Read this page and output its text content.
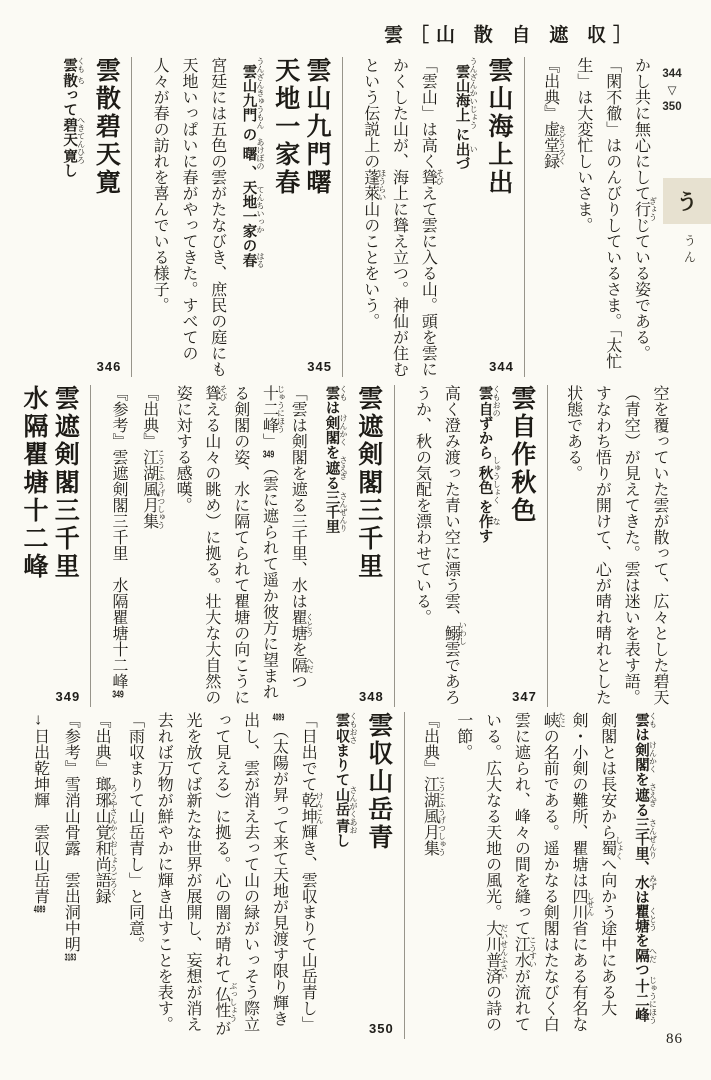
雲［山 散 自 遮 収］
344
▽
350
う
うん

かし共に無心にして行 ぎょうじている姿である。「閑不徹」はのんびりしているさま。「太忙生」は大変忙しいさま。

『出典』虚堂録 きどうろく

雲山海上出

雲山海上 うんざんかいじょうに出 いづ

「雲山」は高く聳 そびえて雲に入る山。頭を雲にかくした山が、海上に聳え立つ。神仙が住むという伝説上の蓬萊 ほうらい山のことをいう。

344
雲山九門曙
天地一家春

雲山九門 うんざんきゅうもんの曙 あけぼの、天地一家 てんちいっかの春 はる

宮廷には五色の雲がたなびき、庶民の庭にも天地いっぱいに春がやってきた。すべての人々が春の訪れを喜んでいる様子。

345
雲散碧天寛

雲 くも散 ちって碧天 へきてん寛 ひろし

346

空を覆っていた雲が散って、広々とした碧天（青空）が見えてきた。雲は迷いを表す語。すなわち悟りが開けて、心が晴れ晴れとした状態である。

雲自作秋色

雲 くも自 おのずから秋色 しゅうしょくを作 なす

高く澄み渡った青い空に漂う雲、鰯 いわし雲であろうか、秋の気配を漂わせている。

347
雲遮剣閣三千里

雲 くもは剣閣 けんかくを遮 さえぎる三千里 さんぜんり

「雲は剣閣を遮る三千里、水は瞿塘 くとうを隔 へだつ十二峰 じゅうにほう」349（雲に遮られて遥か彼方に望まれる剣閣の姿、水に隔てられて瞿塘の向こうに聳 そびえる山々の眺め）に拠る。壮大な大自然の姿に対する感嘆。

『出典』江湖風月集 こうこふうげつしゅう

『参考』雲遮剣閣三千里　水隔瞿塘十二峰349	348
雲遮剣閣三千里
水隔瞿塘十二峰
349

雲 くもは剣閣 けんかくを遮 さえぎる三千里 さんぜんり、水 みずは瞿塘 くとうを隔 へだつ十二峰 じゅうにほう

剣閣とは長安から蜀 しょくへ向かう途中にある大剣・小剣の難所、瞿塘は四川 しせん省にある有名な峡 たにの名前である。遥かなる剣閣はたなびく白雲に遮られ、峰々の間を縫って江水 こうすいが流れている。広大なる天地の風光。大川普済 だいせんふさいの詩の一節。

『出典』江湖風月集 こうこふうげつしゅう

雲収山岳青

雲 くも収 おさまりて山岳 さんがく青 あおし

「日出でて乾坤 けんこん輝き、雲収まりて山岳青し」4089（太陽が昇って来て天地が見渡す限り輝き出し、雲が消え去って山の緑がいっそう際立って見える）に拠る。心の闇が晴れて仏性 ぶっしょうが光を放てば新たな世界が展開し、妄想が消え去れば万物が鮮やかに輝き出すことを表す。「雨収まりて山岳青し」と同意。

『出典』瑯琊山覚和尚語録 ろうやさんかくおしょうごろく

『参考』雪消山骨露　雲出洞中明3183

→日出乾坤輝　雲収山岳青4089

350
86
